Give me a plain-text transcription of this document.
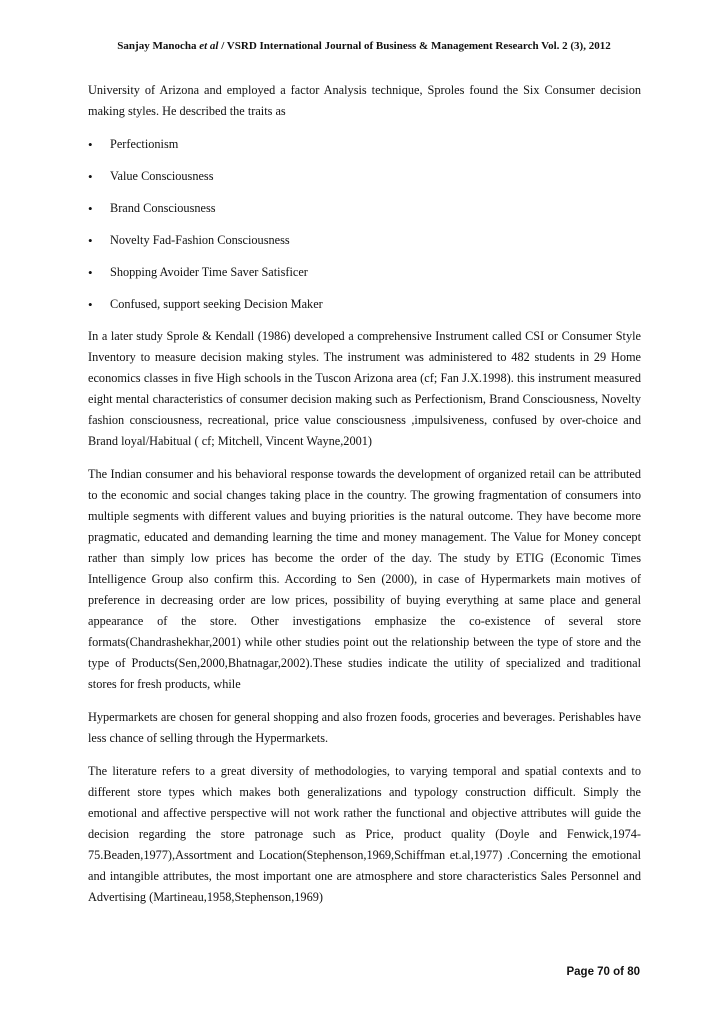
Sanjay Manocha et al / VSRD International Journal of Business & Management Research Vol. 2 (3), 2012

University of Arizona and employed a factor Analysis technique, Sproles found the Six Consumer decision making styles. He described the traits as

•	Perfectionism
•	Value Consciousness
•	Brand Consciousness
•	Novelty Fad-Fashion Consciousness
•	Shopping Avoider Time Saver Satisficer
•	Confused, support seeking Decision Maker

In a later study Sprole & Kendall (1986) developed a comprehensive Instrument called CSI or Consumer Style Inventory to measure decision making styles. The instrument was administered to 482 students in 29 Home economics classes in five High schools in the Tuscon Arizona area (cf; Fan J.X.1998). this instrument measured eight mental characteristics of consumer decision making such as Perfectionism, Brand Consciousness, Novelty fashion consciousness, recreational, price value consciousness ,impulsiveness, confused by over-choice and Brand loyal/Habitual ( cf; Mitchell, Vincent Wayne,2001)

The Indian consumer and his behavioral response towards the development of organized retail can be attributed to the economic and social changes taking place in the country. The growing fragmentation of consumers into multiple segments with different values and buying priorities is the natural outcome. They have become more pragmatic, educated and demanding learning the time and money management. The Value for Money concept rather than simply low prices has become the order of the day. The study by ETIG (Economic Times Intelligence Group also confirm this. According to Sen (2000), in case of Hypermarkets main motives of preference in decreasing order are low prices, possibility of buying everything at same place and general appearance of the store. Other investigations emphasize the co-existence of several store formats(Chandrashekhar,2001) while other studies point out the relationship between the type of store and the type of Products(Sen,2000,Bhatnagar,2002).These studies indicate the utility of specialized and traditional stores for fresh products, while

Hypermarkets are chosen for general shopping and also frozen foods, groceries and beverages. Perishables have less chance of selling through the Hypermarkets.

The literature refers to a great diversity of methodologies, to varying temporal and spatial contexts and to different store types which makes both generalizations and typology construction difficult. Simply the emotional and affective perspective will not work rather the functional and objective attributes will guide the decision regarding the store patronage such as Price, product quality (Doyle and Fenwick,1974-75.Beaden,1977),Assortment and Location(Stephenson,1969,Schiffman et.al,1977) .Concerning the emotional and intangible attributes, the most important one are atmosphere and store characteristics Sales Personnel and Advertising (Martineau,1958,Stephenson,1969)

Page 70 of 80
